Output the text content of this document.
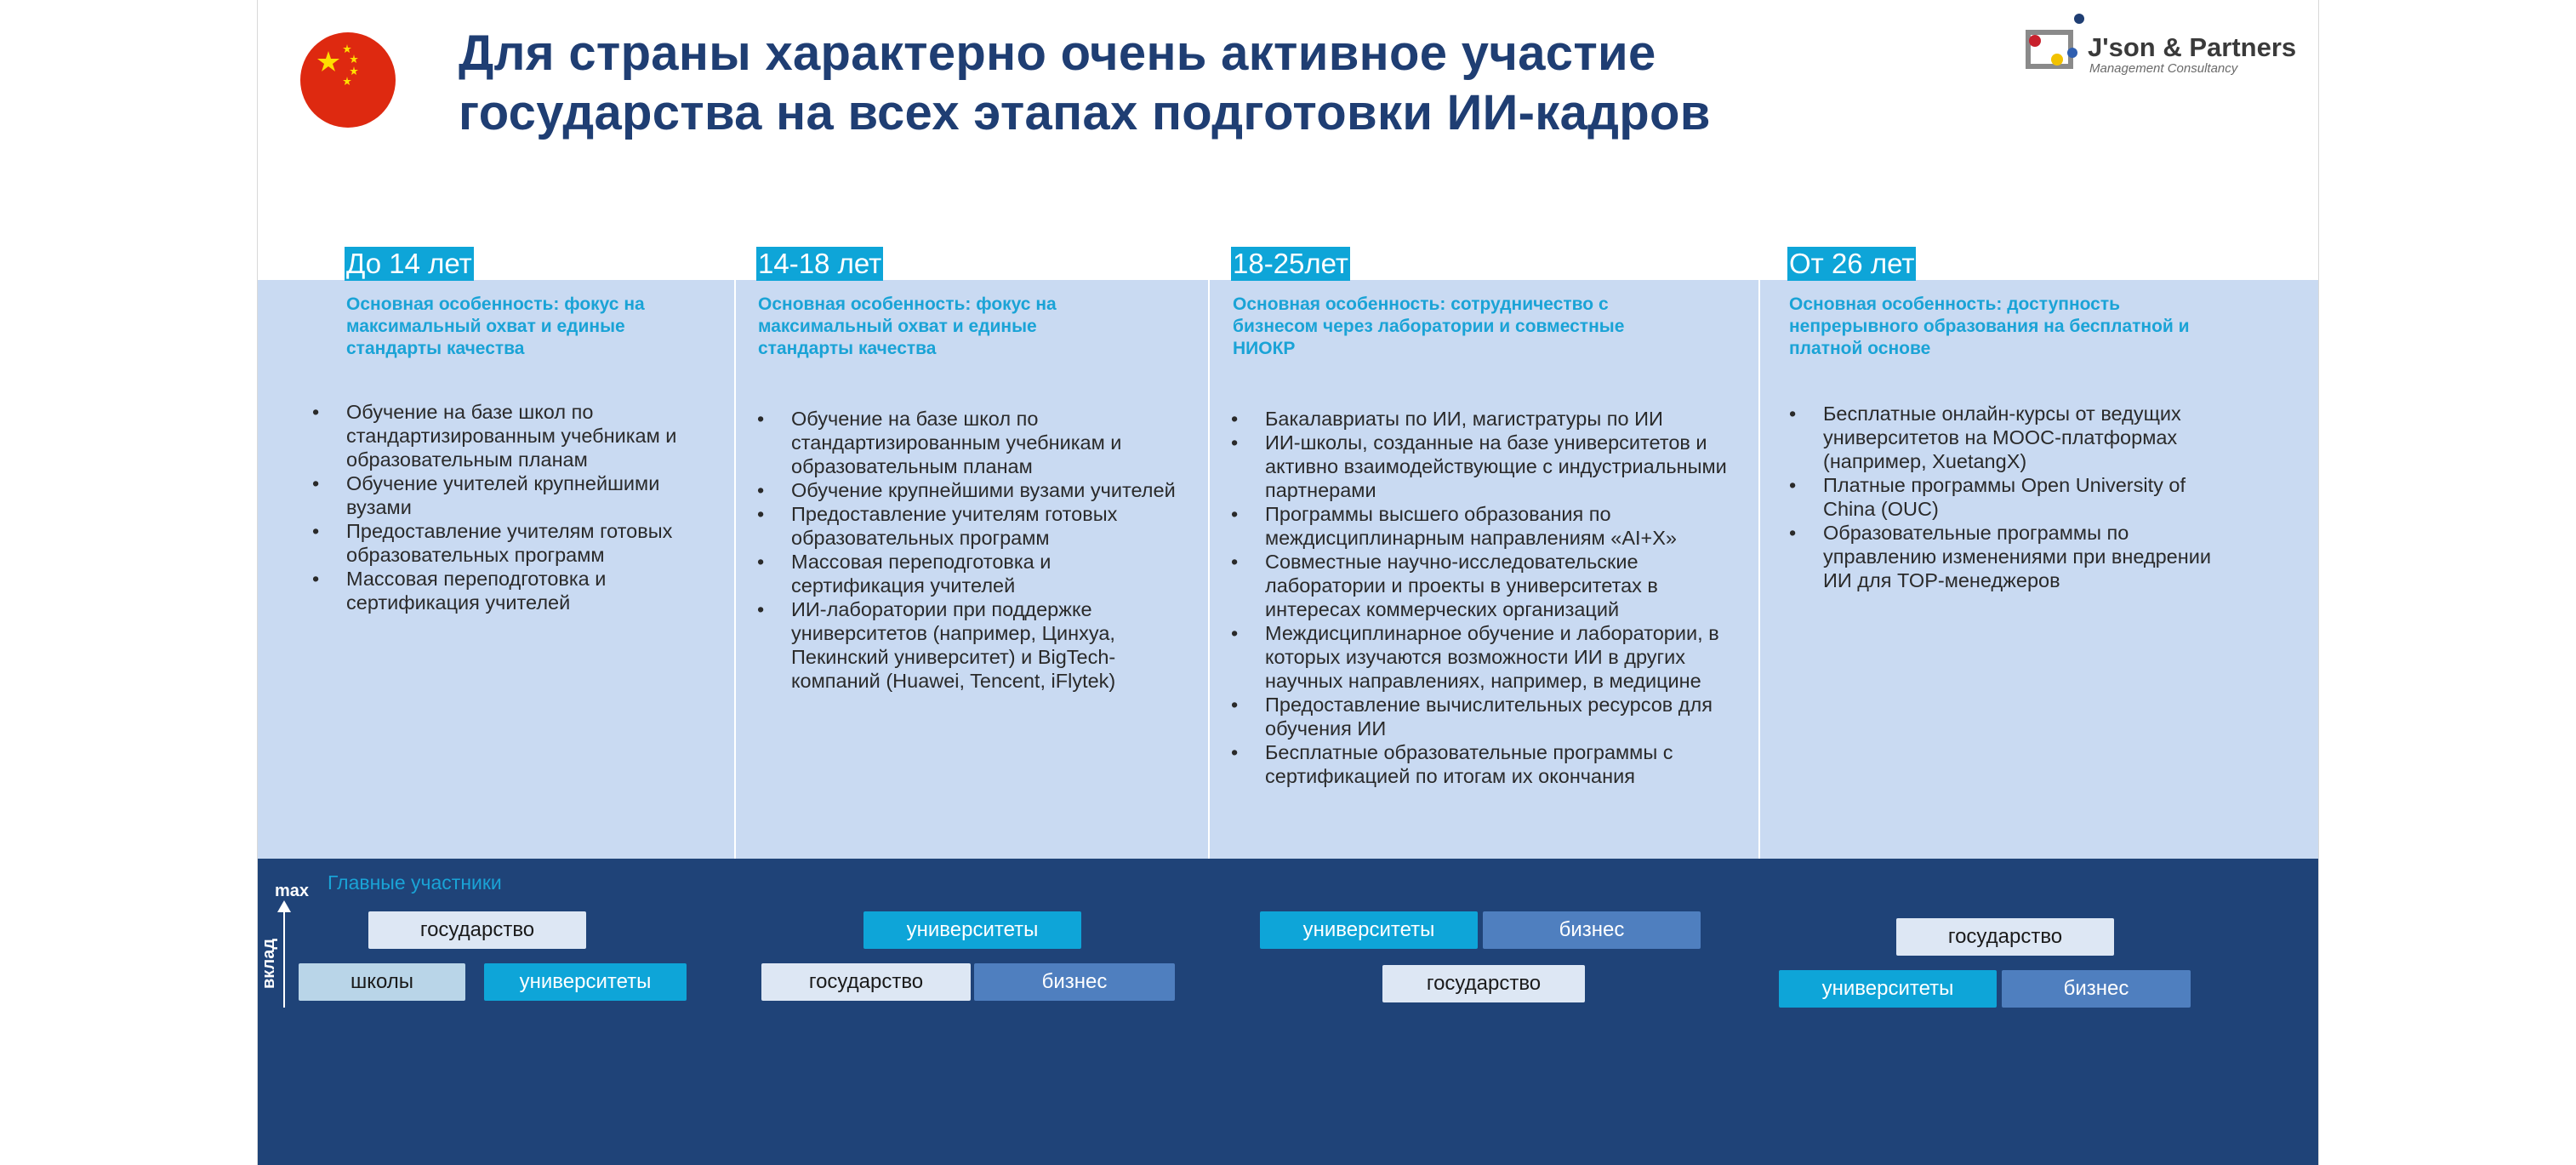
Для страны характерно очень активное участие
государства на всех этапах подготовки ИИ-кадров
J'son & Partners
Management Consultancy
До 14 лет
Основная особенность: фокус на максимальный охват и единые стандарты качества
• Обучение на базе школ по стандартизированным учебникам и образовательным планам
• Обучение учителей крупнейшими вузами
• Предоставление учителям готовых образовательных программ
• Массовая переподготовка и сертификация учителей
14-18 лет
Основная особенность: фокус на максимальный охват и единые стандарты качества
• Обучение на базе школ по стандартизированным учебникам и образовательным планам
• Обучение крупнейшими вузами учителей
• Предоставление учителям готовых образовательных программ
• Массовая переподготовка и сертификация учителей
• ИИ-лаборатории при поддержке университетов (например, Цинхуа, Пекинский университет) и BigTech-компаний (Huawei, Tencent, iFlytek)
18-25лет
Основная особенность: сотрудничество с бизнесом через лаборатории и совместные НИОКР
• Бакалавриаты по ИИ, магистратуры по ИИ
• ИИ-школы, созданные на базе университетов и активно взаимодействующие с индустриальными партнерами
• Программы высшего образования по междисциплинарным направлениям «AI+X»
• Совместные научно-исследовательские лаборатории и проекты в университетах в интересах коммерческих организаций
• Междисциплинарное обучение и лаборатории, в которых изучаются возможности ИИ в других научных направлениях, например, в медицине
• Предоставление вычислительных ресурсов для обучения ИИ
• Бесплатные образовательные программы с сертификацией по итогам их окончания
От 26 лет
Основная особенность: доступность непрерывного образования на бесплатной и платной основе
• Бесплатные онлайн-курсы от ведущих университетов на MOOC-платформах (например, XuetangX)
• Платные программы Open University of China (OUC)
• Образовательные программы по управлению изменениями при внедрении ИИ для TOP-менеджеров
max
вклад
Главные участники
государство
школы	университеты
университеты
государство	бизнес
университеты	бизнес
государство
государство
университеты	бизнес
